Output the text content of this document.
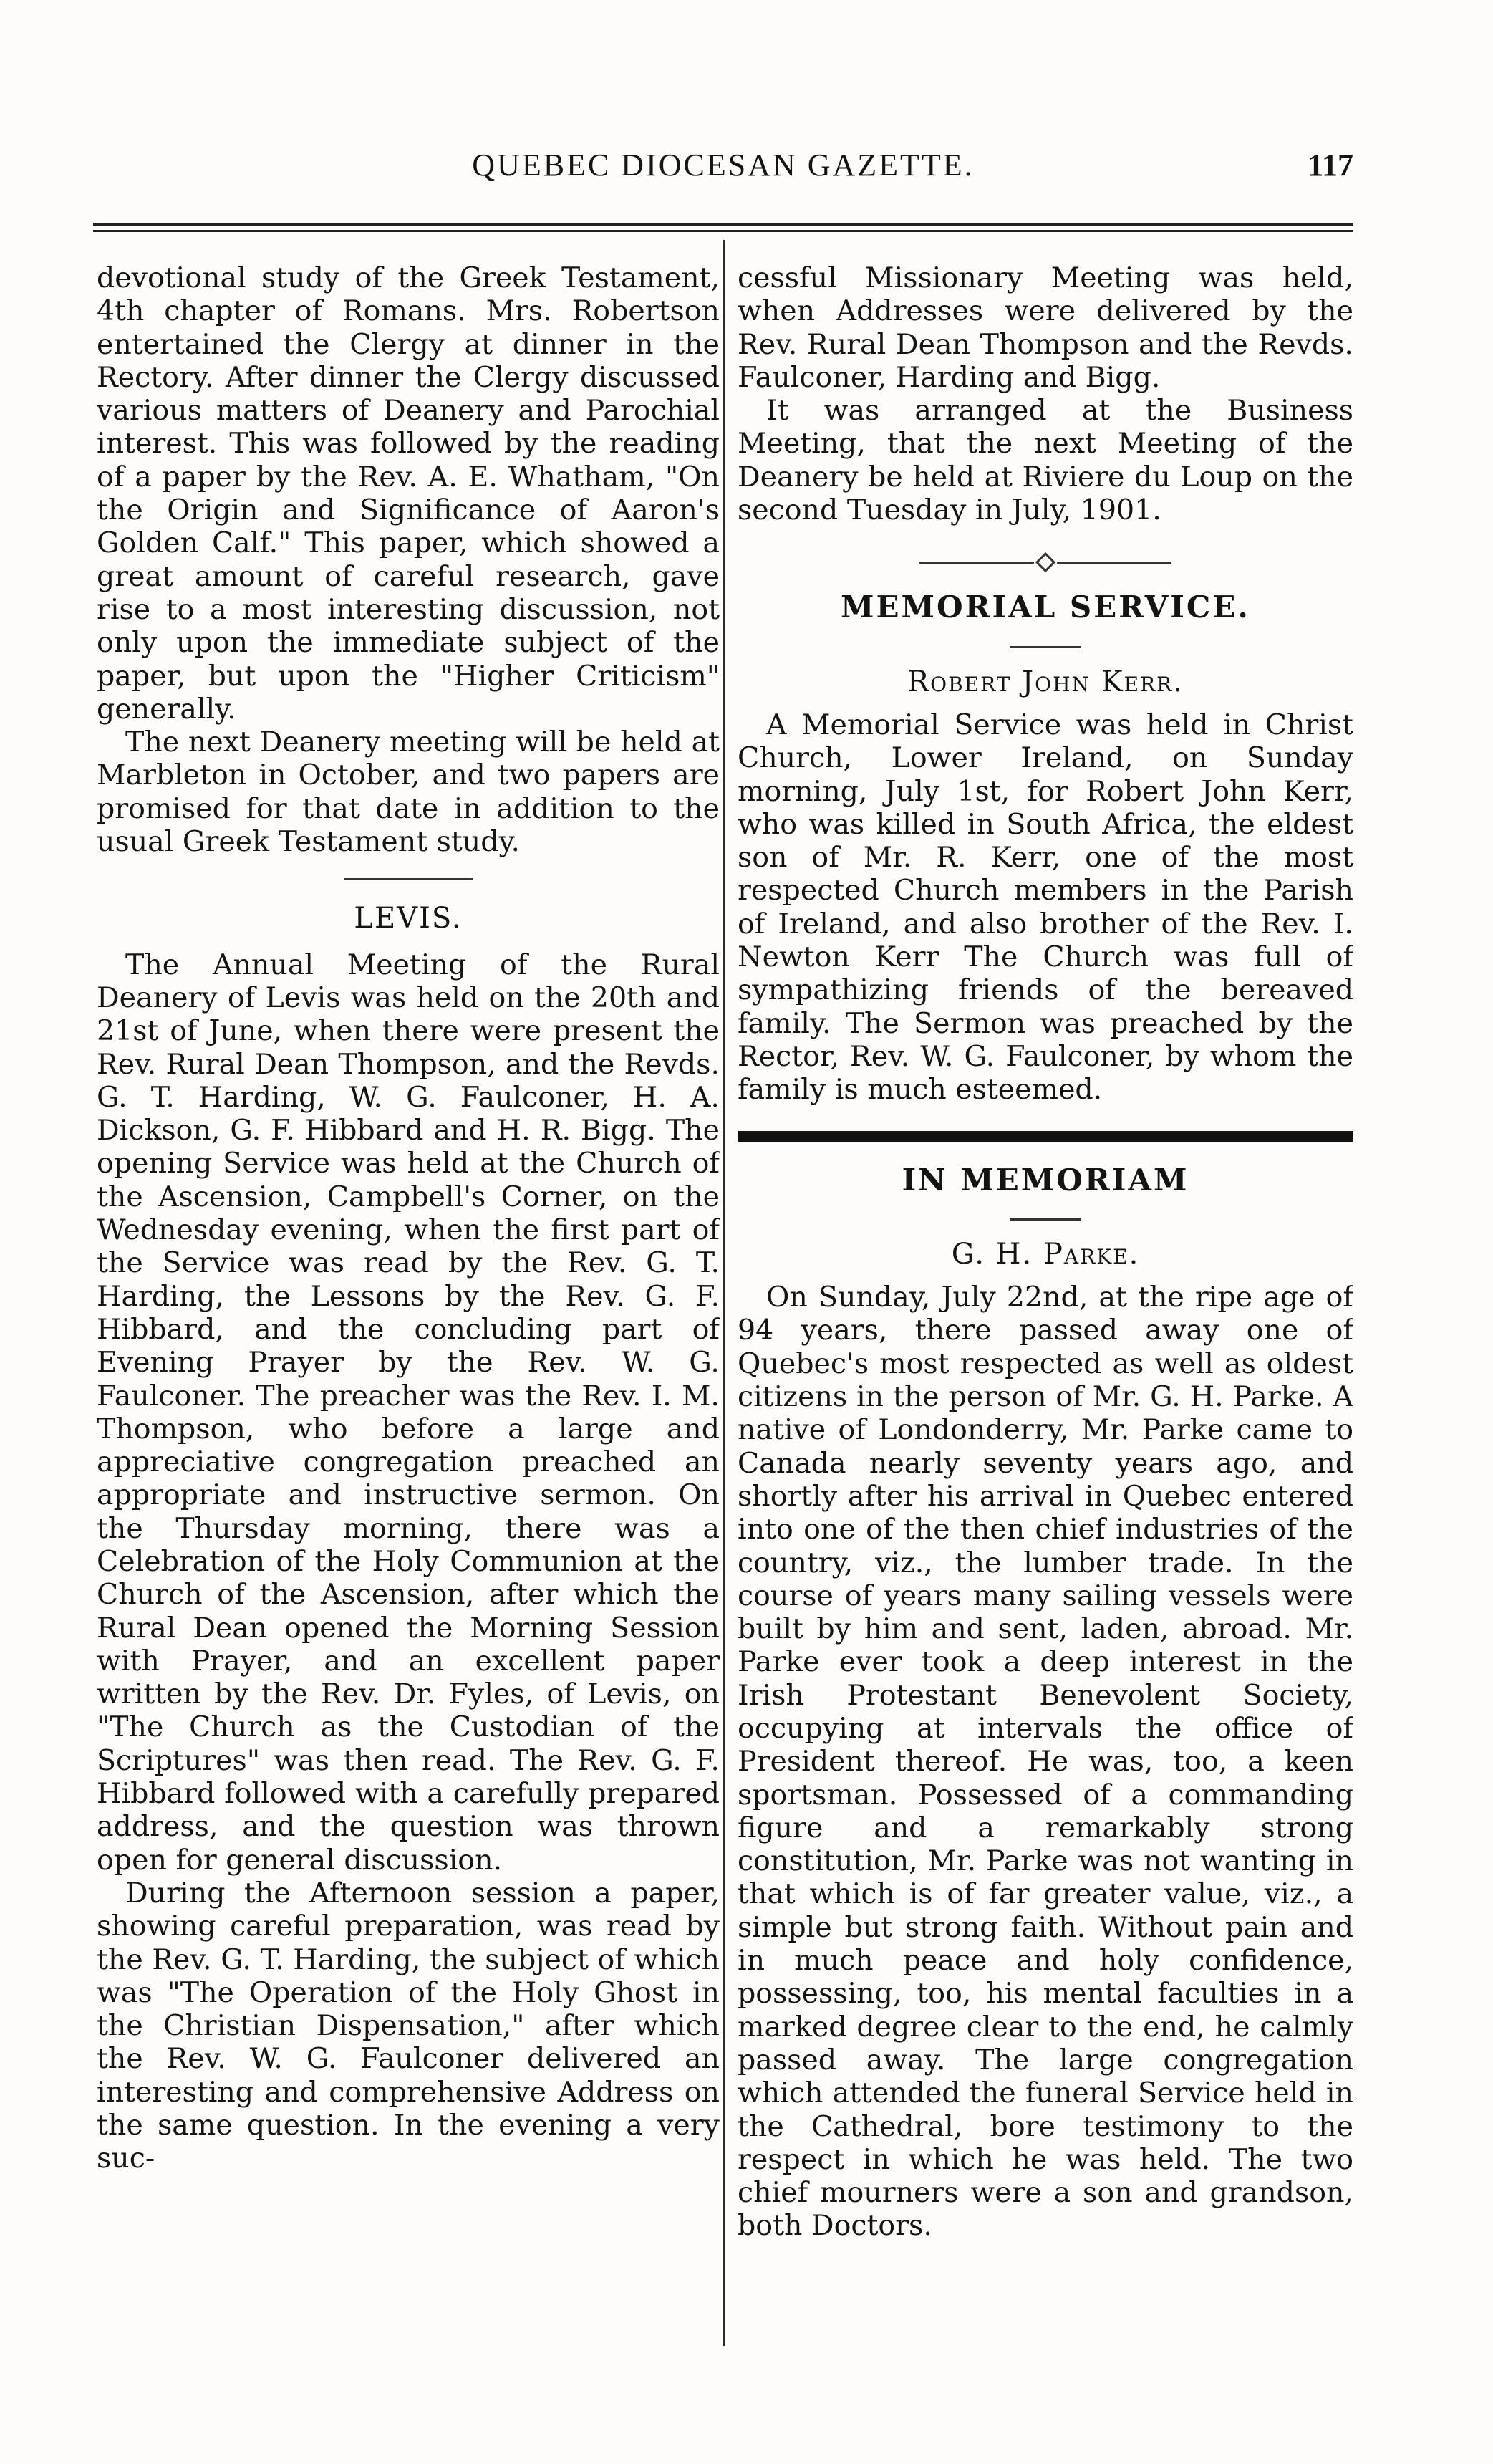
QUEBEC DIOCESAN GAZETTE.	117

devotional study of the Greek Testament, 4th chapter of Romans. Mrs. Robertson entertained the Clergy at dinner in the Rectory. After dinner the Clergy discussed various matters of Deanery and Parochial interest. This was followed by the reading of a paper by the Rev. A. E. Whatham, "On the Origin and Significance of Aaron's Golden Calf." This paper, which showed a great amount of careful research, gave rise to a most interesting discussion, not only upon the immediate subject of the paper, but upon the "Higher Criticism" generally.

The next Deanery meeting will be held at Marbleton in October, and two papers are promised for that date in addition to the usual Greek Testament study.

LEVIS.

The Annual Meeting of the Rural Deanery of Levis was held on the 20th and 21st of June, when there were present the Rev. Rural Dean Thompson, and the Revds. G. T. Harding, W. G. Faulconer, H. A. Dickson, G. F. Hibbard and H. R. Bigg. The opening Service was held at the Church of the Ascension, Campbell's Corner, on the Wednesday evening, when the first part of the Service was read by the Rev. G. T. Harding, the Lessons by the Rev. G. F. Hibbard, and the concluding part of Evening Prayer by the Rev. W. G. Faulconer. The preacher was the Rev. I. M. Thompson, who before a large and appreciative congregation preached an appropriate and instructive sermon. On the Thursday morning, there was a Celebration of the Holy Communion at the Church of the Ascension, after which the Rural Dean opened the Morning Session with Prayer, and an excellent paper written by the Rev. Dr. Fyles, of Levis, on "The Church as the Custodian of the Scriptures" was then read. The Rev. G. F. Hibbard followed with a carefully prepared address, and the question was thrown open for general discussion.

During the Afternoon session a paper, showing careful preparation, was read by the Rev. G. T. Harding, the subject of which was "The Operation of the Holy Ghost in the Christian Dispensation," after which the Rev. W. G. Faulconer delivered an interesting and comprehensive Address on the same question. In the evening a very suc-

cessful Missionary Meeting was held, when Addresses were delivered by the Rev. Rural Dean Thompson and the Revds. Faulconer, Harding and Bigg.

It was arranged at the Business Meeting, that the next Meeting of the Deanery be held at Riviere du Loup on the second Tuesday in July, 1901.

MEMORIAL SERVICE.
Robert John Kerr.

A Memorial Service was held in Christ Church, Lower Ireland, on Sunday morning, July 1st, for Robert John Kerr, who was killed in South Africa, the eldest son of Mr. R. Kerr, one of the most respected Church members in the Parish of Ireland, and also brother of the Rev. I. Newton Kerr The Church was full of sympathizing friends of the bereaved family. The Sermon was preached by the Rector, Rev. W. G. Faulconer, by whom the family is much esteemed.

IN MEMORIAM
G. H. Parke.

On Sunday, July 22nd, at the ripe age of 94 years, there passed away one of Quebec's most respected as well as oldest citizens in the person of Mr. G. H. Parke. A native of Londonderry, Mr. Parke came to Canada nearly seventy years ago, and shortly after his arrival in Quebec entered into one of the then chief industries of the country, viz., the lumber trade. In the course of years many sailing vessels were built by him and sent, laden, abroad. Mr. Parke ever took a deep interest in the Irish Protestant Benevolent Society, occupying at intervals the office of President thereof. He was, too, a keen sportsman. Possessed of a commanding figure and a remarkably strong constitution, Mr. Parke was not wanting in that which is of far greater value, viz., a simple but strong faith. Without pain and in much peace and holy confidence, possessing, too, his mental faculties in a marked degree clear to the end, he calmly passed away. The large congregation which attended the funeral Service held in the Cathedral, bore testimony to the respect in which he was held. The two chief mourners were a son and grandson, both Doctors.
